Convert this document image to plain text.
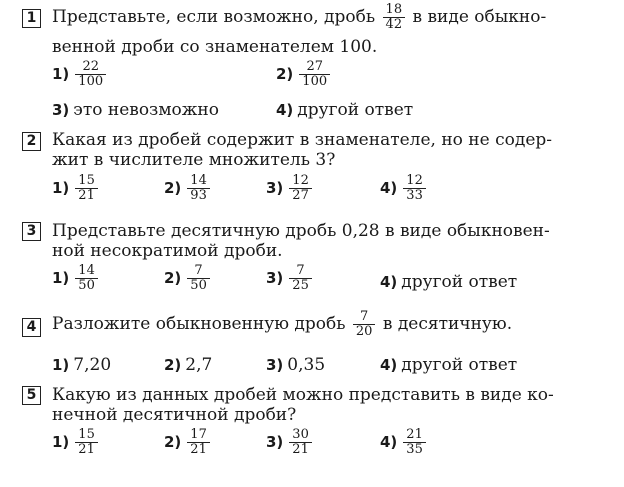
1 Представьте, если возможно, дробь $\frac{18}{42}$ в виде обыкно-
венной дроби со знаменателем 100.
$1) \frac{22}{100}$	$2) \frac{27}{100}$
3) это невозможно	4) другой ответ
2 Какая из дробей содержит в знаменателе, но не содер-
жит в числителе множитель 3?
$1) \frac{15}{21}$	$2) \frac{14}{93}$	$3) \frac{12}{27}$	$4) \frac{12}{33}$
3 Представьте десятичную дробь 0,28 в виде обыкновен-
ной несократимой дроби.
$1) \frac{14}{50}$	$2) \frac{7}{50}$	$3) \frac{7}{25}$	4) другой ответ
4 Разложите обыкновенную дробь $\frac{7}{20}$ в десятичную.
1) 7,20	2) 2,7	3) 0,35	4) другой ответ
5 Какую из данных дробей можно представить в виде ко-
нечной десятичной дроби?
$1) \frac{15}{21}$	$2) \frac{17}{21}$	$3) \frac{30}{21}$	$4) \frac{21}{35}$
